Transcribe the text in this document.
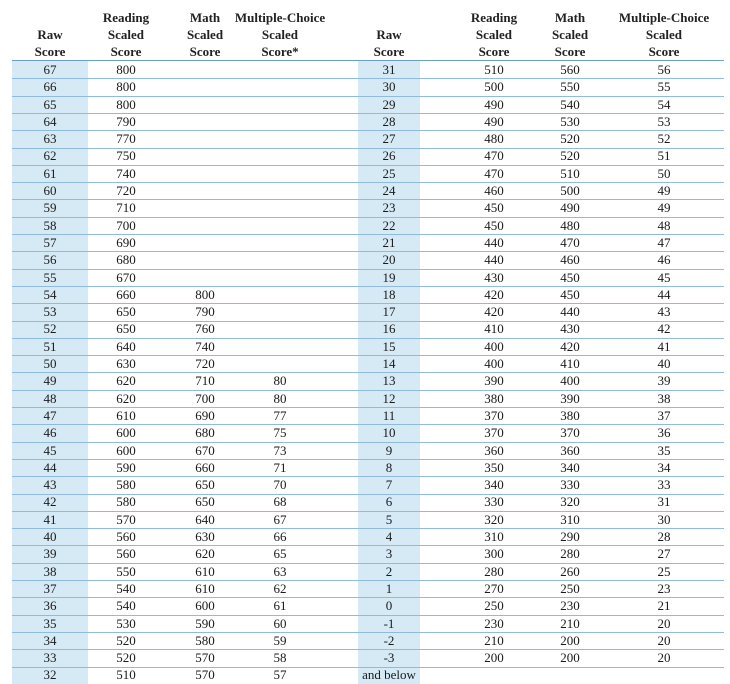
Raw
Score
Reading
Scaled
Score
Math
Scaled
Score
Multiple-Choice
Scaled
Score*
Raw
Score
Reading
Scaled
Score
Math
Scaled
Score
Multiple-Choice
Scaled
Score
67
66
65
64
63
62
61
60
59
58
57
56
55
54
53
52
51
50
49
48
47
46
45
44
43
42
41
40
39
38
37
36
35
34
33
32
800
800
800
790
770
750
740
720
710
700
690
680
670
660
650
650
640
630
620
620
610
600
600
590
580
580
570
560
560
550
540
540
530
520
520
510
800
790
760
740
720
710
700
690
680
670
660
650
650
640
630
620
610
610
600
590
580
570
570
80
80
77
75
73
71
70
68
67
66
65
63
62
61
60
59
58
57
31
30
29
28
27
26
25
24
23
22
21
20
19
18
17
16
15
14
13
12
11
10
9
8
7
6
5
4
3
2
1
0
-1
-2
-3
and below
510
500
490
490
480
470
470
460
450
450
440
440
430
420
420
410
400
400
390
380
370
370
360
350
340
330
320
310
300
280
270
250
230
210
200
560
550
540
530
520
520
510
500
490
480
470
460
450
450
440
430
420
410
400
390
380
370
360
340
330
320
310
290
280
260
250
230
210
200
200
56
55
54
53
52
51
50
49
49
48
47
46
45
44
43
42
41
40
39
38
37
36
35
34
33
31
30
28
27
25
23
21
20
20
20
